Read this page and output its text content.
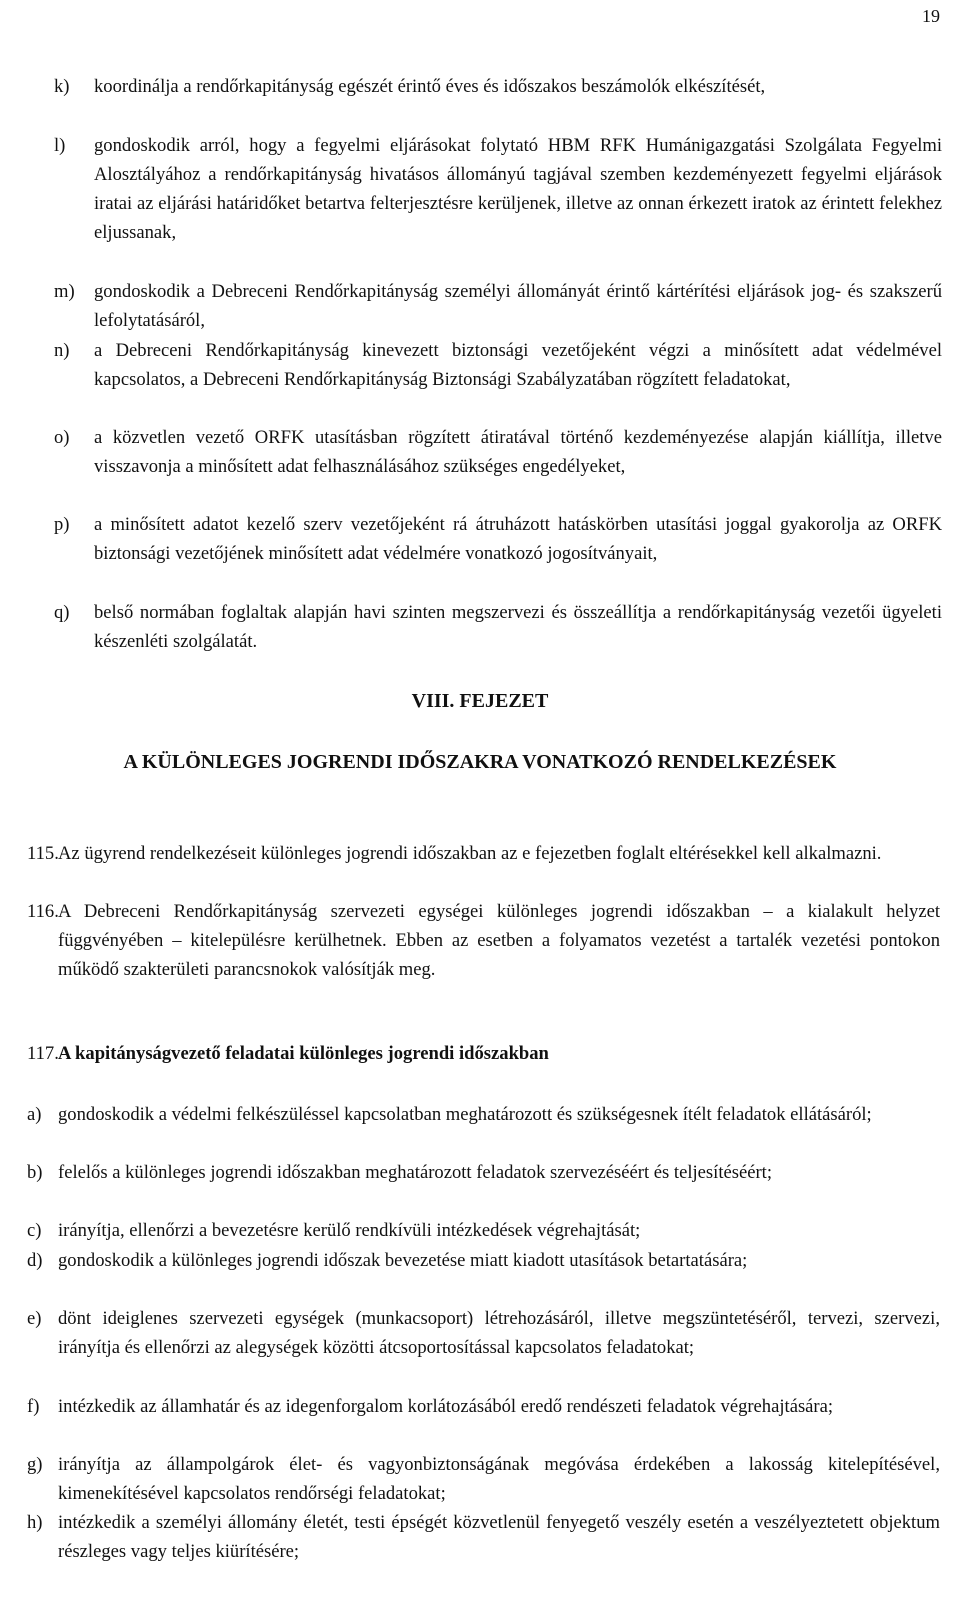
19
k)	koordinálja a rendőrkapitányság egészét érintő éves és időszakos beszámolók elkészítését,
l)	gondoskodik arról, hogy a fegyelmi eljárásokat folytató HBM RFK Humánigazgatási Szolgálata Fegyelmi Alosztályához a rendőrkapitányság hivatásos állományú tagjával szemben kezdeményezett fegyelmi eljárások iratai az eljárási határidőket betartva felterjesztésre kerüljenek, illetve az onnan érkezett iratok az érintett felekhez eljussanak,
m)	gondoskodik a Debreceni Rendőrkapitányság személyi állományát érintő kártérítési eljárások jog- és szakszerű lefolytatásáról,
n)	a Debreceni Rendőrkapitányság kinevezett biztonsági vezetőjeként végzi a minősített adat védelmével kapcsolatos, a Debreceni Rendőrkapitányság Biztonsági Szabályzatában rögzített feladatokat,
o)	a közvetlen vezető ORFK utasításban rögzített átiratával történő kezdeményezése alapján kiállítja, illetve visszavonja a minősített adat felhasználásához szükséges engedélyeket,
p)	a minősített adatot kezelő szerv vezetőjeként rá átruházott hatáskörben utasítási joggal gyakorolja az ORFK biztonsági vezetőjének minősített adat védelmére vonatkozó jogosítványait,
q)	belső normában foglaltak alapján havi szinten megszervezi és összeállítja a rendőrkapitányság vezetői ügyeleti készenléti szolgálatát.
VIII. FEJEZET
A KÜLÖNLEGES JOGRENDI IDŐSZAKRA VONATKOZÓ RENDELKEZÉSEK
115. Az ügyrend rendelkezéseit különleges jogrendi időszakban az e fejezetben foglalt eltérésekkel kell alkalmazni.
116. A Debreceni Rendőrkapitányság szervezeti egységei különleges jogrendi időszakban – a kialakult helyzet függvényében – kitelepülésre kerülhetnek. Ebben az esetben a folyamatos vezetést a tartalék vezetési pontokon működő szakterületi parancsnokok valósítják meg.
117. A kapitányságvezető feladatai különleges jogrendi időszakban
a) gondoskodik a védelmi felkészüléssel kapcsolatban meghatározott és szükségesnek ítélt feladatok ellátásáról;
b) felelős a különleges jogrendi időszakban meghatározott feladatok szervezéséért és teljesítéséért;
c) irányítja, ellenőrzi a bevezetésre kerülő rendkívüli intézkedések végrehajtását;
d) gondoskodik a különleges jogrendi időszak bevezetése miatt kiadott utasítások betartatására;
e) dönt ideiglenes szervezeti egységek (munkacsoport) létrehozásáról, illetve megszüntetéséről, tervezi, szervezi, irányítja és ellenőrzi az alegységek közötti átcsoportosítással kapcsolatos feladatokat;
f)	intézkedik az államhatár és az idegenforgalom korlátozásából eredő rendészeti feladatok végrehajtására;
g) irányítja az állampolgárok élet- és vagyonbiztonságának megóvása érdekében a lakosság kitelepítésével, kimenekítésével kapcsolatos rendőrségi feladatokat;
h) intézkedik a személyi állomány életét, testi épségét közvetlenül fenyegető veszély esetén a veszélyeztetett objektum részleges vagy teljes kiürítésére;
